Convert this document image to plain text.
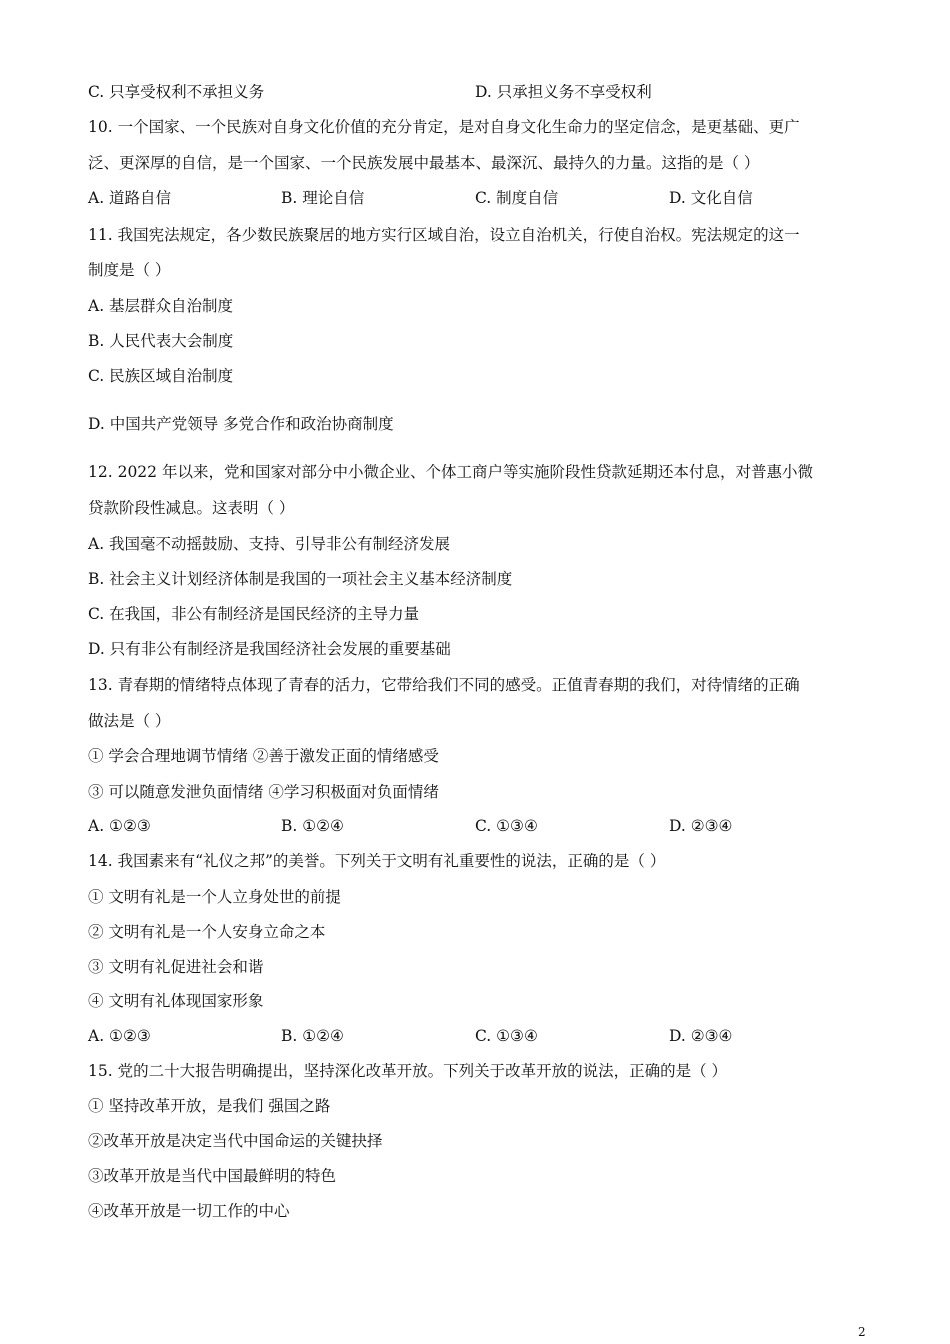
C. 只享受权利不承担义务	D. 只承担义务不享受权利
10. 一个国家、一个民族对自身文化价值的充分肯定，是对自身文化生命力的坚定信念，是更基础、更广
泛、更深厚的自信，是一个国家、一个民族发展中最基本、最深沉、最持久的力量。这指的是（ ）
A. 道路自信	B. 理论自信	C. 制度自信	D. 文化自信
11. 我国宪法规定，各少数民族聚居的地方实行区域自治，设立自治机关，行使自治权。宪法规定的这一
制度是（ ）
A. 基层群众自治制度
B. 人民代表大会制度
C. 民族区域自治制度
D. 中国共产党领导 多党合作和政治协商制度
12. 2022 年以来，党和国家对部分中小微企业、个体工商户等实施阶段性贷款延期还本付息，对普惠小微
贷款阶段性减息。这表明（ ）
A. 我国毫不动摇鼓励、支持、引导非公有制经济发展
B. 社会主义计划经济体制是我国的一项社会主义基本经济制度
C. 在我国，非公有制经济是国民经济的主导力量
D. 只有非公有制经济是我国经济社会发展的重要基础
13. 青春期的情绪特点体现了青春的活力，它带给我们不同的感受。正值青春期的我们，对待情绪的正确
做法是（ ）
① 学会合理地调节情绪 ②善于激发正面的情绪感受
③ 可以随意发泄负面情绪 ④学习积极面对负面情绪
A. ①②③	B. ①②④	C. ①③④	D. ②③④
14. 我国素来有“礼仪之邦”的美誉。下列关于文明有礼重要性的说法，正确的是（ ）
① 文明有礼是一个人立身处世的前提
② 文明有礼是一个人安身立命之本
③ 文明有礼促进社会和谐
④ 文明有礼体现国家形象
A. ①②③	B. ①②④	C. ①③④	D. ②③④
15. 党的二十大报告明确提出，坚持深化改革开放。下列关于改革开放的说法，正确的是（ ）
① 坚持改革开放，是我们 强国之路
②改革开放是决定当代中国命运的关键抉择
③改革开放是当代中国最鲜明的特色
④改革开放是一切工作的中心
2
